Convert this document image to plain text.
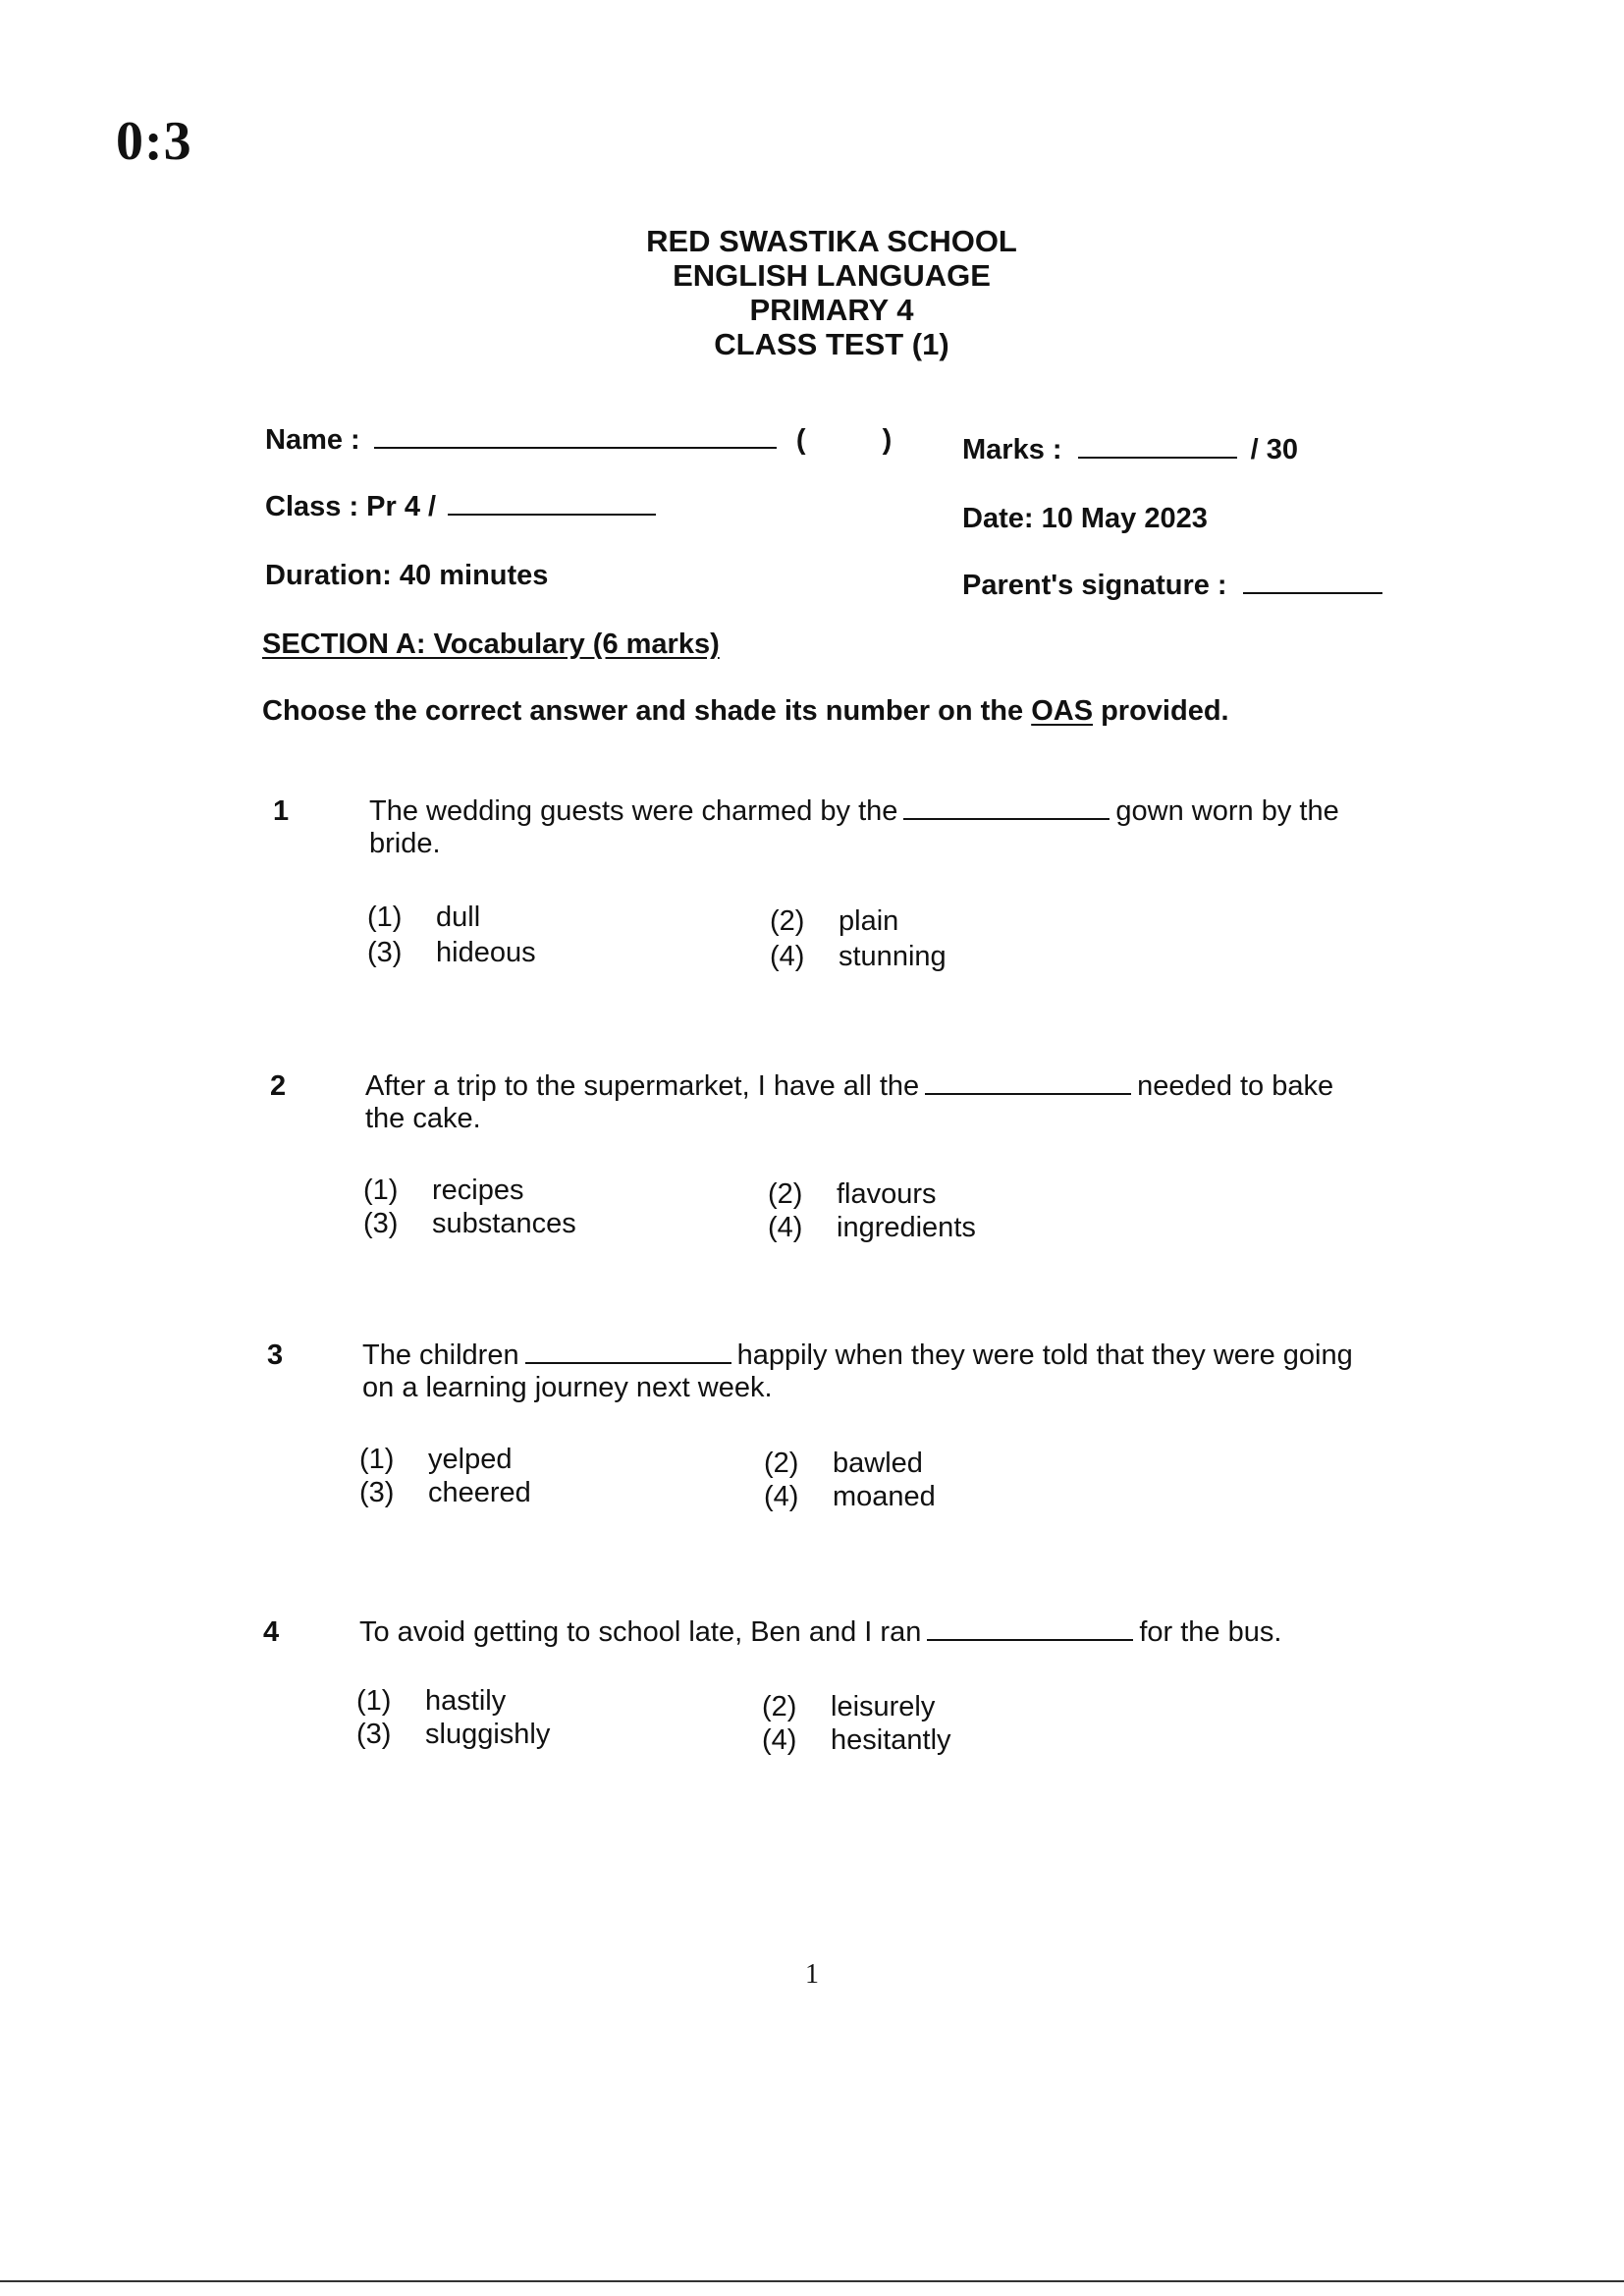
0:3
RED SWASTIKA SCHOOL
ENGLISH LANGUAGE
PRIMARY 4
CLASS TEST (1)
Name :	(	) Marks :	/ 30
Class : Pr 4 /	Date: 10 May 2023
Duration: 40 minutes	Parent's signature :
SECTION A: Vocabulary (6 marks)
Choose the correct answer and shade its number on the OAS provided.
1	The wedding guests were charmed by the	gown worn by the bride.
(1) dull	(2) plain
(3) hideous	(4) stunning
2	After a trip to the supermarket, I have all the	needed to bake the cake.
(1) recipes	(2) flavours
(3) substances	(4) ingredients
3	The children	happily when they were told that they were going on a learning journey next week.
(1) yelped	(2) bawled
(3) cheered	(4) moaned
4	To avoid getting to school late, Ben and I ran	for the bus.
(1) hastily	(2) leisurely
(3) sluggishly	(4) hesitantly
1
